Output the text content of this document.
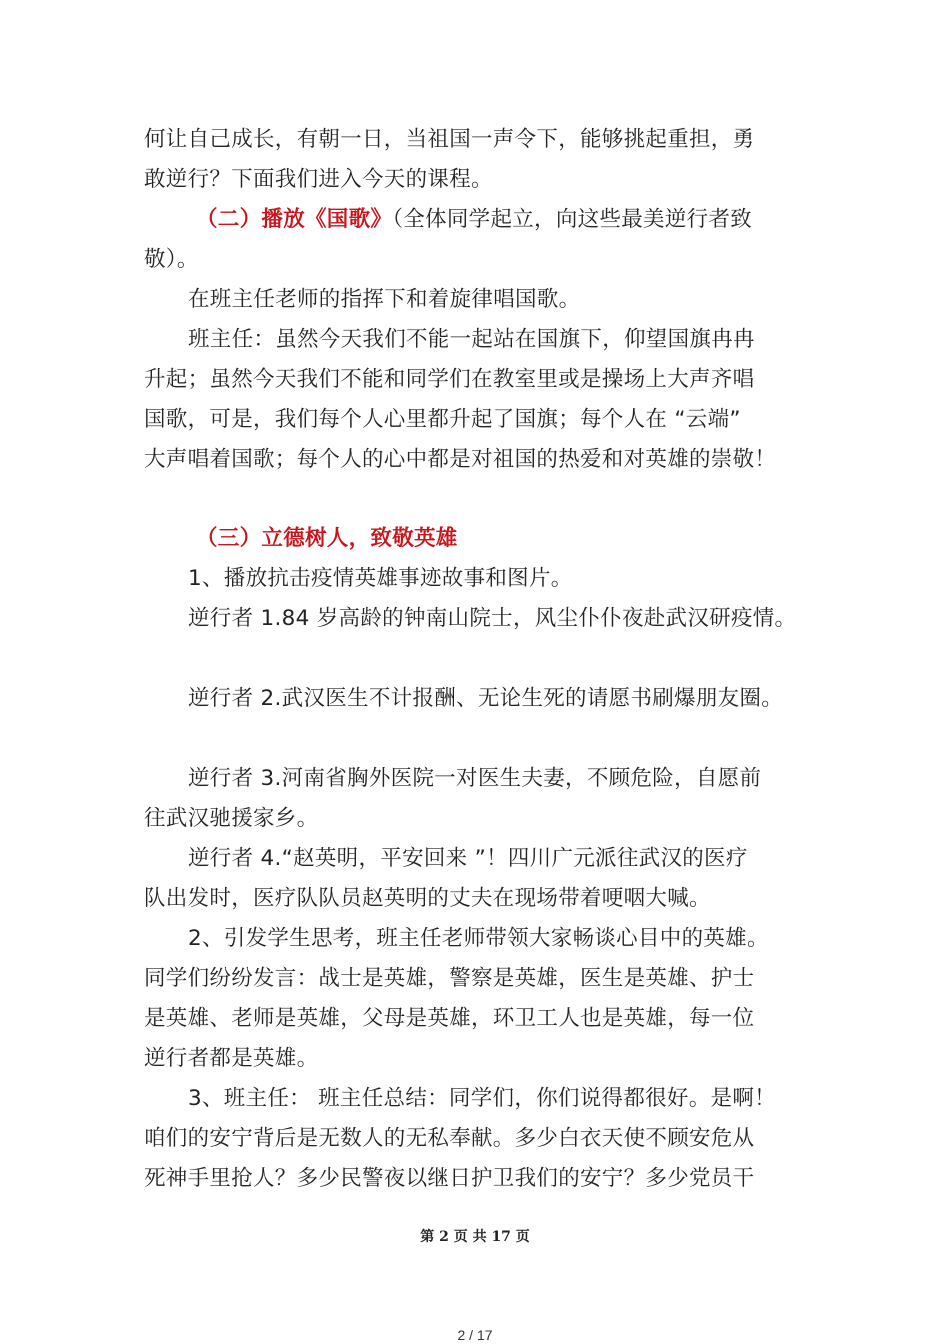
何让自己成长，有朝一日，当祖国一声令下，能够挑起重担，勇
敢逆行？下面我们进入今天的课程。
（二）播放《国歌》（全体同学起立，向这些最美逆行者致
敬）。
在班主任老师的指挥下和着旋律唱国歌。
班主任：虽然今天我们不能一起站在国旗下，仰望国旗冉冉
升起；虽然今天我们不能和同学们在教室里或是操场上大声齐唱
国歌，可是，我们每个人心里都升起了国旗；每个人在 “云端”
大声唱着国歌；每个人的心中都是对祖国的热爱和对英雄的崇敬！
（三）立德树人，致敬英雄
1、播放抗击疫情英雄事迹故事和图片。
逆行者 1.84 岁高龄的钟南山院士，风尘仆仆夜赴武汉研疫情。
逆行者 2.武汉医生不计报酬、无论生死的请愿书刷爆朋友圈。
逆行者 3.河南省胸外医院一对医生夫妻，不顾危险，自愿前
往武汉驰援家乡。
逆行者 4.“赵英明，平安回来 ”！四川广元派往武汉的医疗
队出发时，医疗队队员赵英明的丈夫在现场带着哽咽大喊。
2、引发学生思考，班主任老师带领大家畅谈心目中的英雄。
同学们纷纷发言：战士是英雄，警察是英雄，医生是英雄、护士
是英雄、老师是英雄，父母是英雄，环卫工人也是英雄，每一位
逆行者都是英雄。
3、班主任： 班主任总结：同学们，你们说得都很好。是啊！
咱们的安宁背后是无数人的无私奉献。多少白衣天使不顾安危从
死神手里抢人？多少民警夜以继日护卫我们的安宁？多少党员干
第 2 页 共 17 页
2 / 17
